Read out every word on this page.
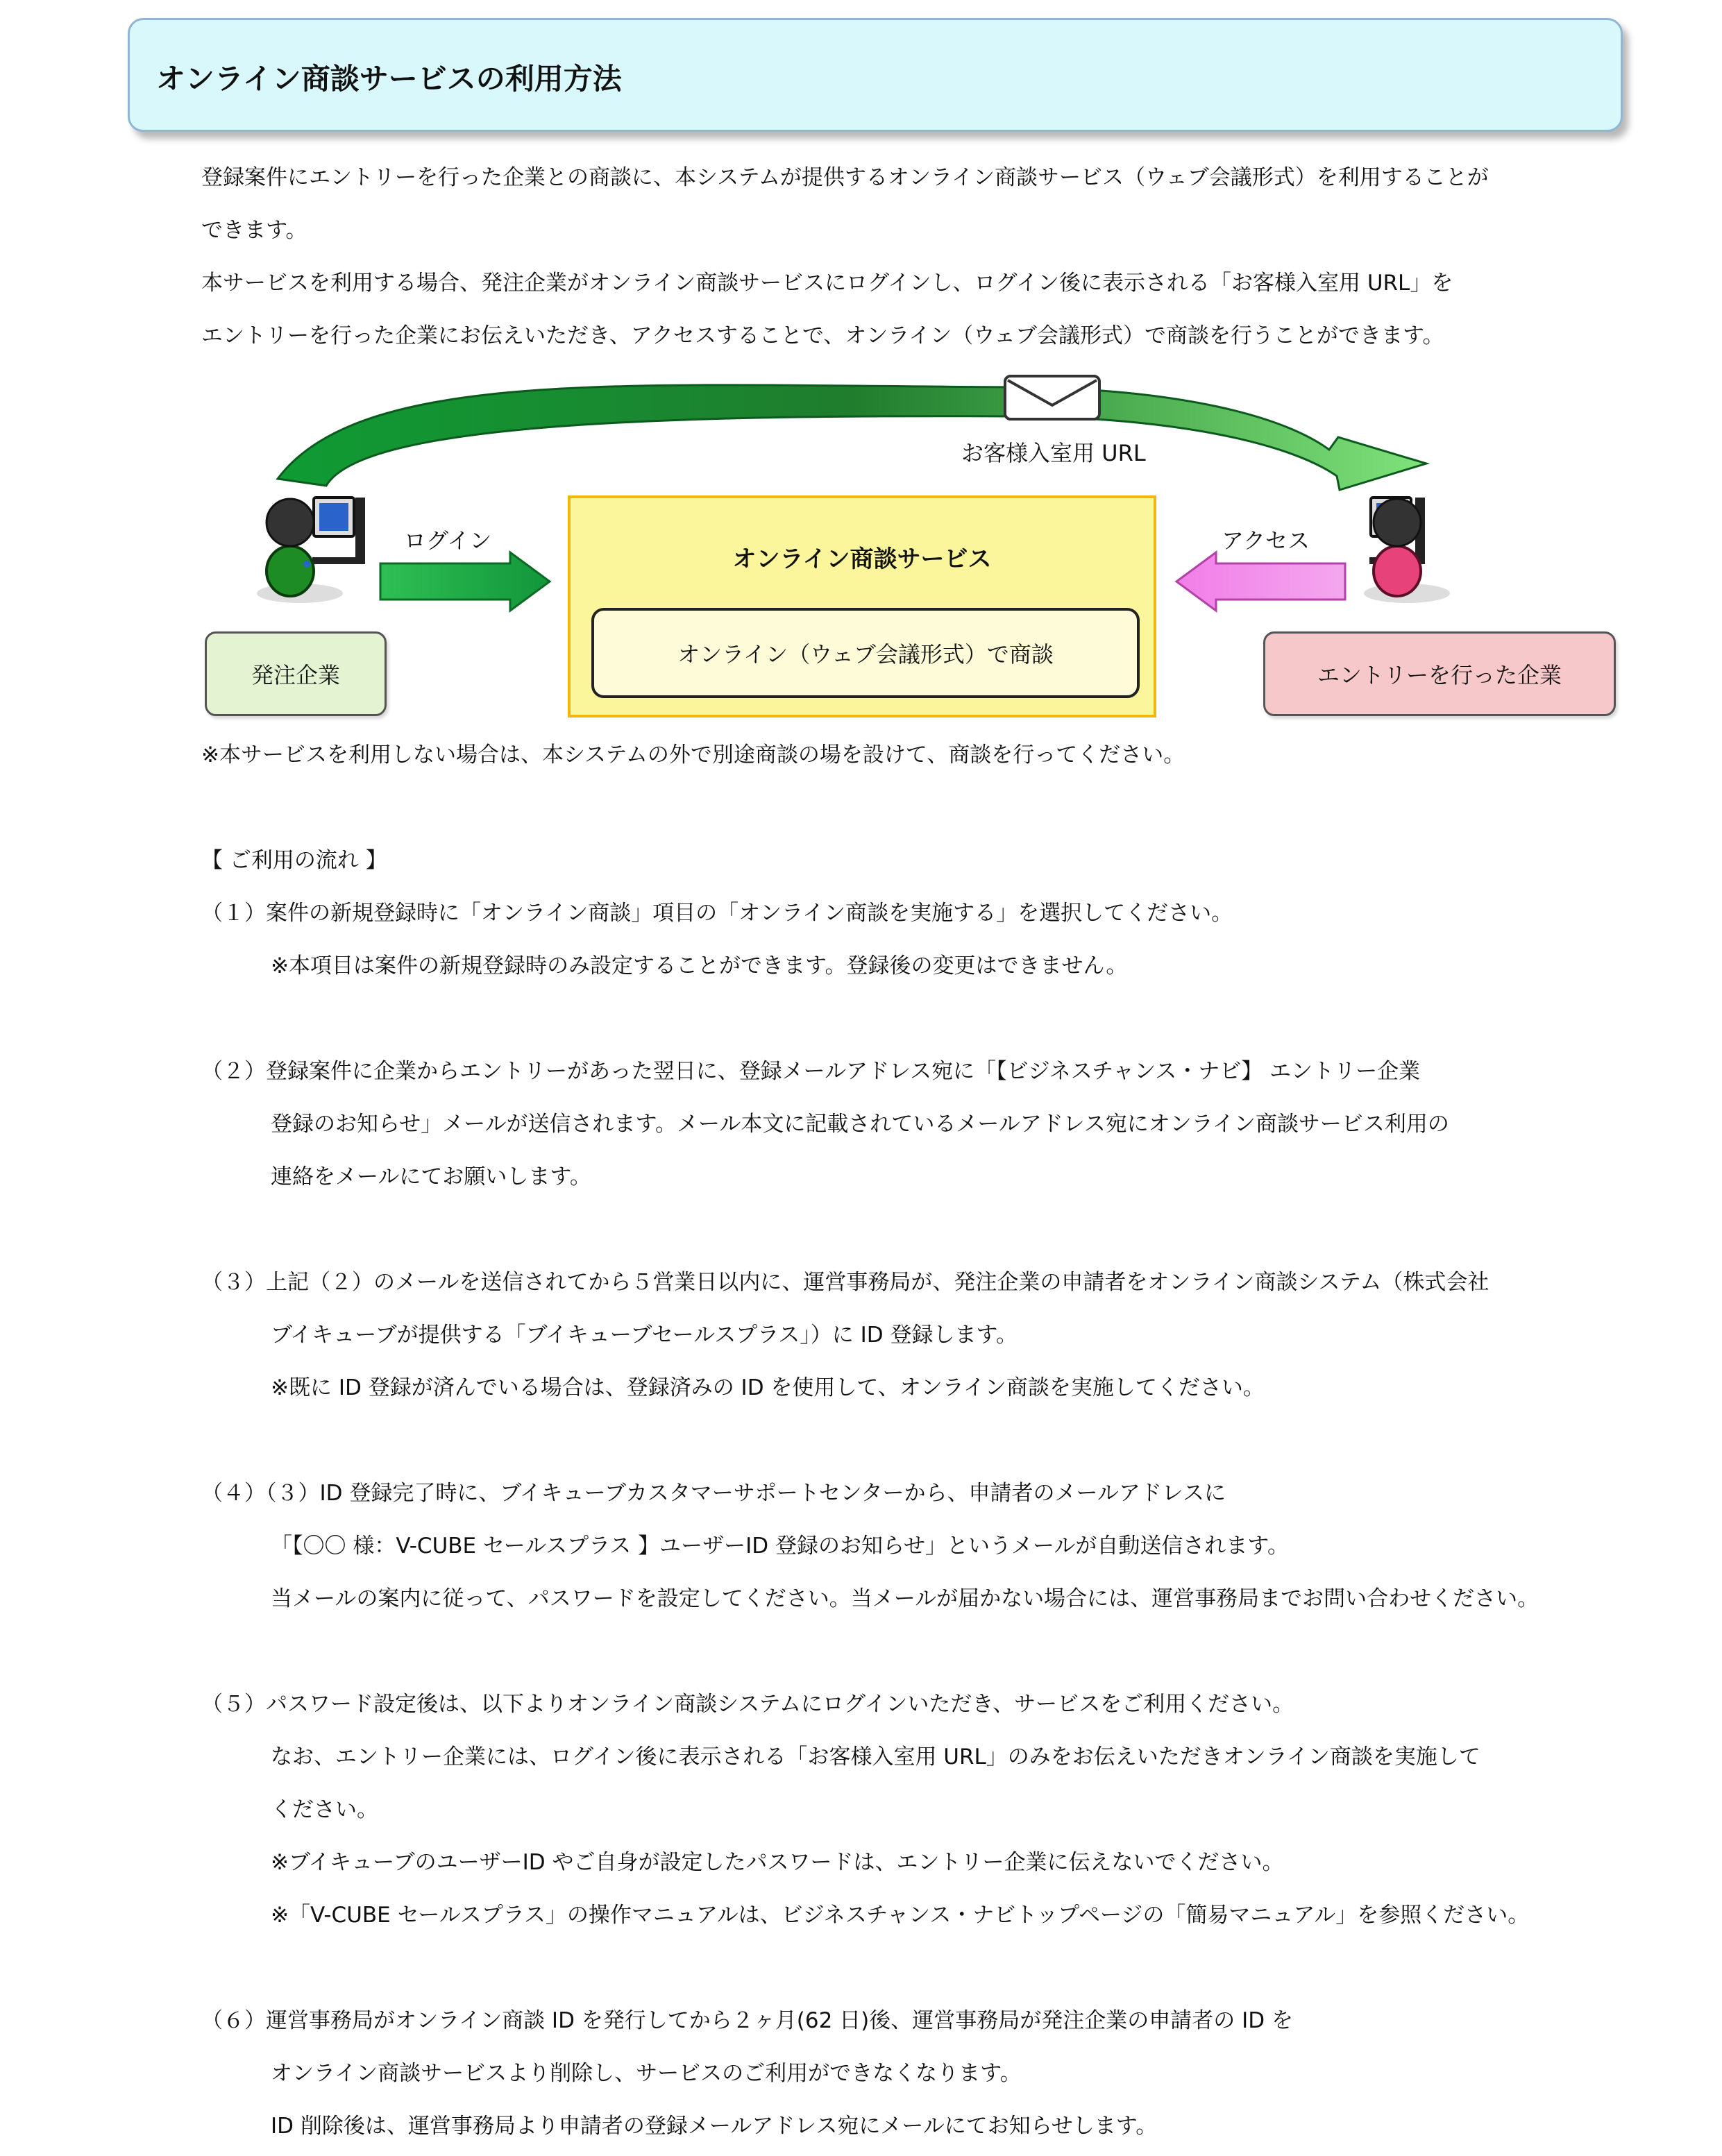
オンライン商談サービスの利用方法
登録案件にエントリーを行った企業との商談に、本システムが提供するオンライン商談サービス（ウェブ会議形式）を利用することが
できます。
本サービスを利用する場合、発注企業がオンライン商談サービスにログインし、ログイン後に表示される「お客様入室用 URL」を
エントリーを行った企業にお伝えいただき、アクセスすることで、オンライン（ウェブ会議形式）で商談を行うことができます。
お客様入室用 URL
ログイン	アクセス
オンライン商談サービス
オンライン（ウェブ会議形式）で商談
発注企業	エントリーを行った企業
※本サービスを利用しない場合は、本システムの外で別途商談の場を設けて、商談を行ってください。
【 ご利用の流れ 】
（１）案件の新規登録時に「オンライン商談」項目の「オンライン商談を実施する」を選択してください。
※本項目は案件の新規登録時のみ設定することができます。登録後の変更はできません。
（２）登録案件に企業からエントリーがあった翌日に、登録メールアドレス宛に「【ビジネスチャンス・ナビ】 エントリー企業
登録のお知らせ」メールが送信されます。メール本文に記載されているメールアドレス宛にオンライン商談サービス利用の
連絡をメールにてお願いします。
（３）上記（２）のメールを送信されてから５営業日以内に、運営事務局が、発注企業の申請者をオンライン商談システム（株式会社
ブイキューブが提供する「ブイキューブセールスプラス」）に ID 登録します。
※既に ID 登録が済んでいる場合は、登録済みの ID を使用して、オンライン商談を実施してください。
（４）（３）ID 登録完了時に、ブイキューブカスタマーサポートセンターから、申請者のメールアドレスに
「【〇〇 様：V-CUBE セールスプラス 】ユーザーID 登録のお知らせ」というメールが自動送信されます。
当メールの案内に従って、パスワードを設定してください。当メールが届かない場合には、運営事務局までお問い合わせください。
（５）パスワード設定後は、以下よりオンライン商談システムにログインいただき、サービスをご利用ください。
なお、エントリー企業には、ログイン後に表示される「お客様入室用 URL」のみをお伝えいただきオンライン商談を実施して
ください。
※ブイキューブのユーザーID やご自身が設定したパスワードは、エントリー企業に伝えないでください。
※「V-CUBE セールスプラス」の操作マニュアルは、ビジネスチャンス・ナビトップページの「簡易マニュアル」を参照ください。
（６）運営事務局がオンライン商談 ID を発行してから２ヶ月(62 日)後、運営事務局が発注企業の申請者の ID を
オンライン商談サービスより削除し、サービスのご利用ができなくなります。
ID 削除後は、運営事務局より申請者の登録メールアドレス宛にメールにてお知らせします。
